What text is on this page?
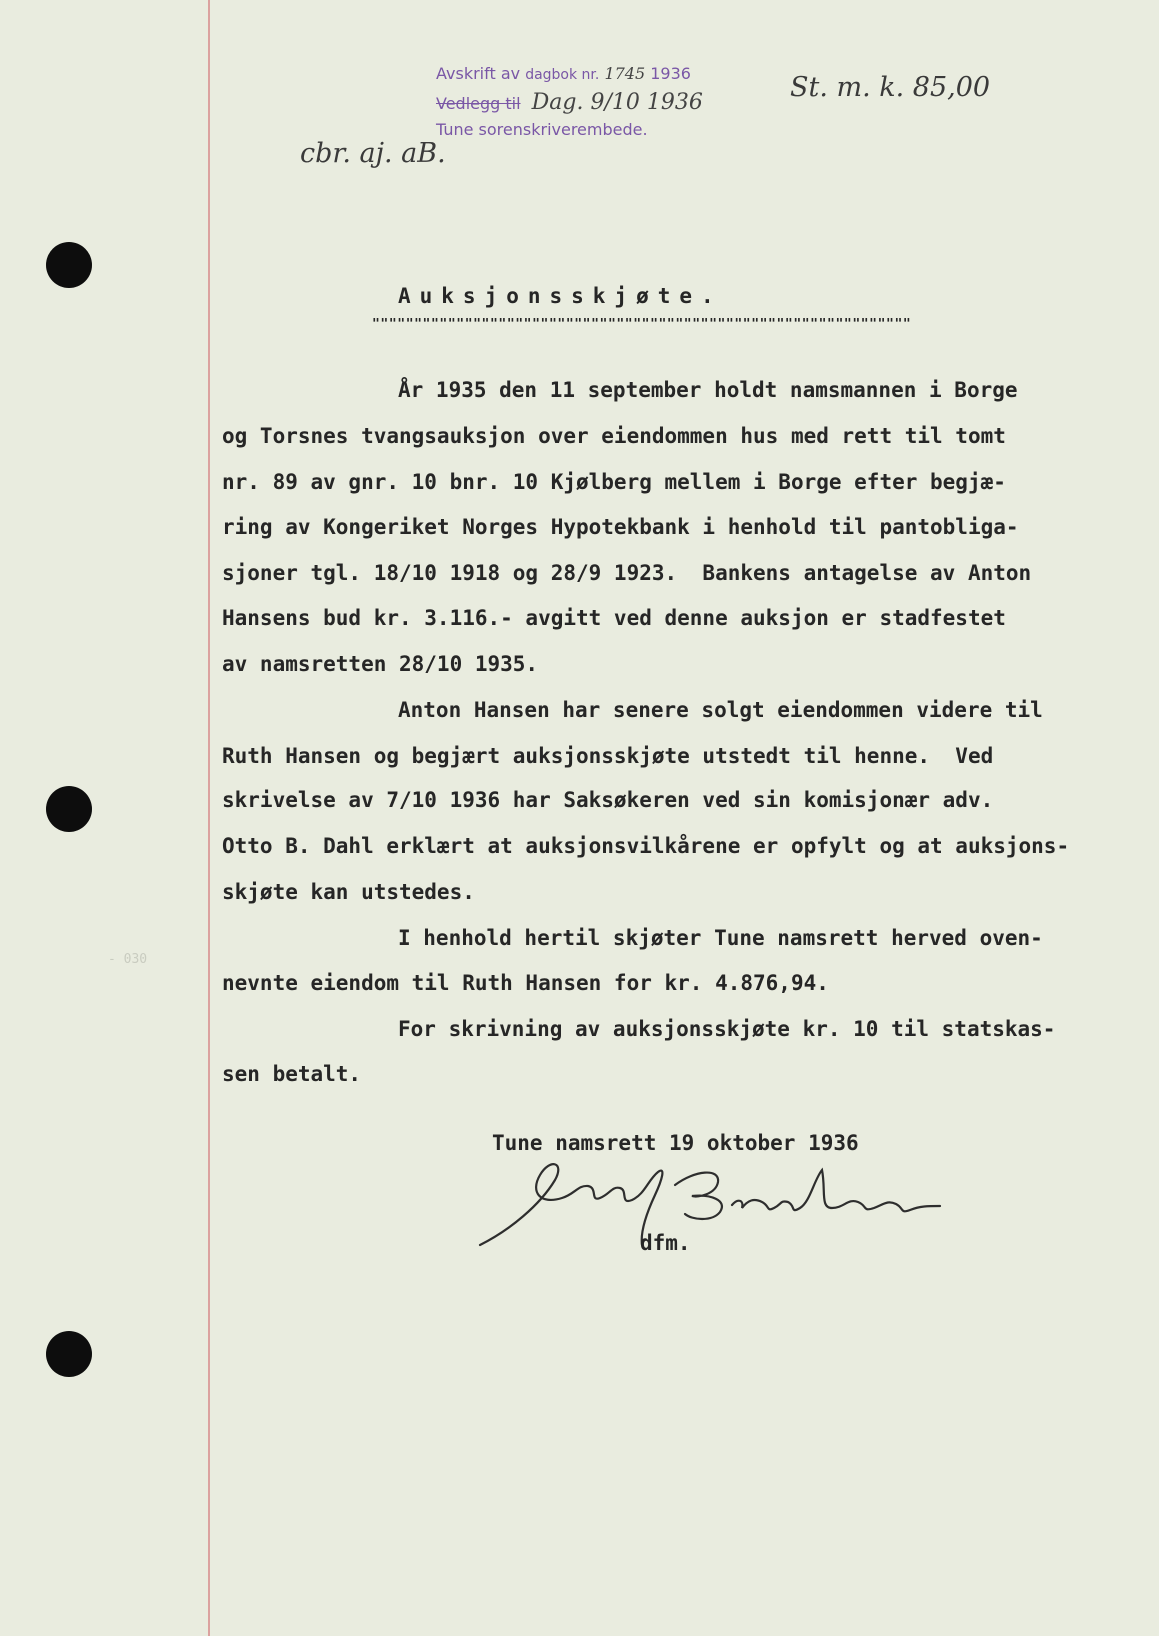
- 030
Avskrift av dagbok nr. 1745 1936
Vedlegg til Dag. 9/10 1936
Tune sorenskriverembede.
St. m. k. 85,00
cbr. aj. aB.
Auksjonsskjøte.
""""""""""""""""""""""""""""""""""""""""""""""""""""""""""""""""
År 1935 den 11 september holdt namsmannen i Borge
og Torsnes tvangsauksjon over eiendommen hus med rett til tomt
nr. 89 av gnr. 10 bnr. 10 Kjølberg mellem i Borge efter begjæ-
ring av Kongeriket Norges Hypotekbank i henhold til pantobliga-
sjoner tgl. 18/10 1918 og 28/9 1923.  Bankens antagelse av Anton
Hansens bud kr. 3.116.- avgitt ved denne auksjon er stadfestet
av namsretten 28/10 1935.
Anton Hansen har senere solgt eiendommen videre til
Ruth Hansen og begjært auksjonsskjøte utstedt til henne.  Ved
skrivelse av 7/10 1936 har Saksøkeren ved sin komisjonær adv.
Otto B. Dahl erklært at auksjonsvilkårene er opfylt og at auksjons-
skjøte kan utstedes.
I henhold hertil skjøter Tune namsrett herved oven-
nevnte eiendom til Ruth Hansen for kr. 4.876,94.
For skrivning av auksjonsskjøte kr. 10 til statskas-
sen betalt.
Tune namsrett 19 oktober 1936
dfm.
